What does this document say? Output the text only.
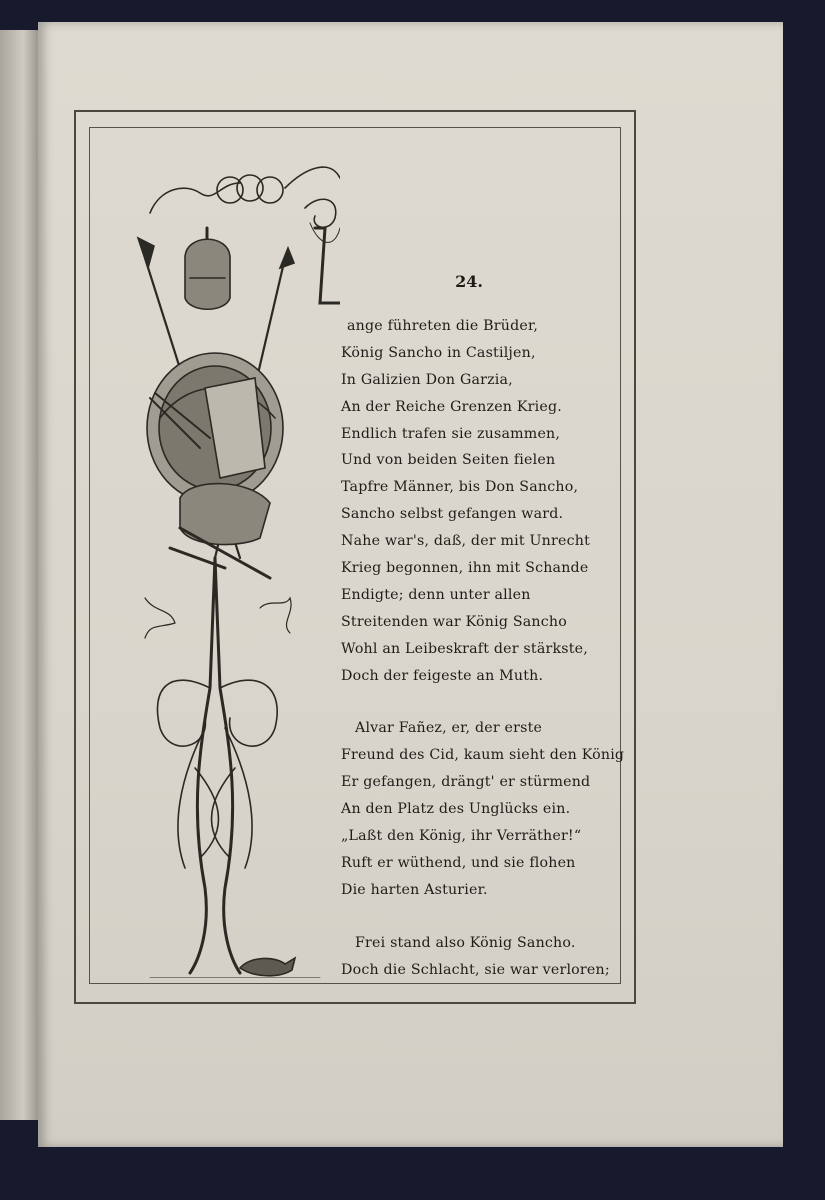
24.
ange führeten die Brüder,
König Sancho in Castiljen,
In Galizien Don Garzia,
An der Reiche Grenzen Krieg.
Endlich trafen sie zusammen,
Und von beiden Seiten fielen
Tapfre Männer, bis Don Sancho,
Sancho selbst gefangen ward.
Nahe war's, daß, der mit Unrecht
Krieg begonnen, ihn mit Schande
Endigte; denn unter allen
Streitenden war König Sancho
Wohl an Leibeskraft der stärkste,
Doch der feigeste an Muth.
Alvar Fañez, er, der erste
Freund des Cid, kaum sieht den König
Er gefangen, drängt' er stürmend
An den Platz des Unglücks ein.
„Laßt den König, ihr Verräther!“
Ruft er wüthend, und sie flohen
Die harten Asturier.
Frei stand also König Sancho.
Doch die Schlacht, sie war verloren;
